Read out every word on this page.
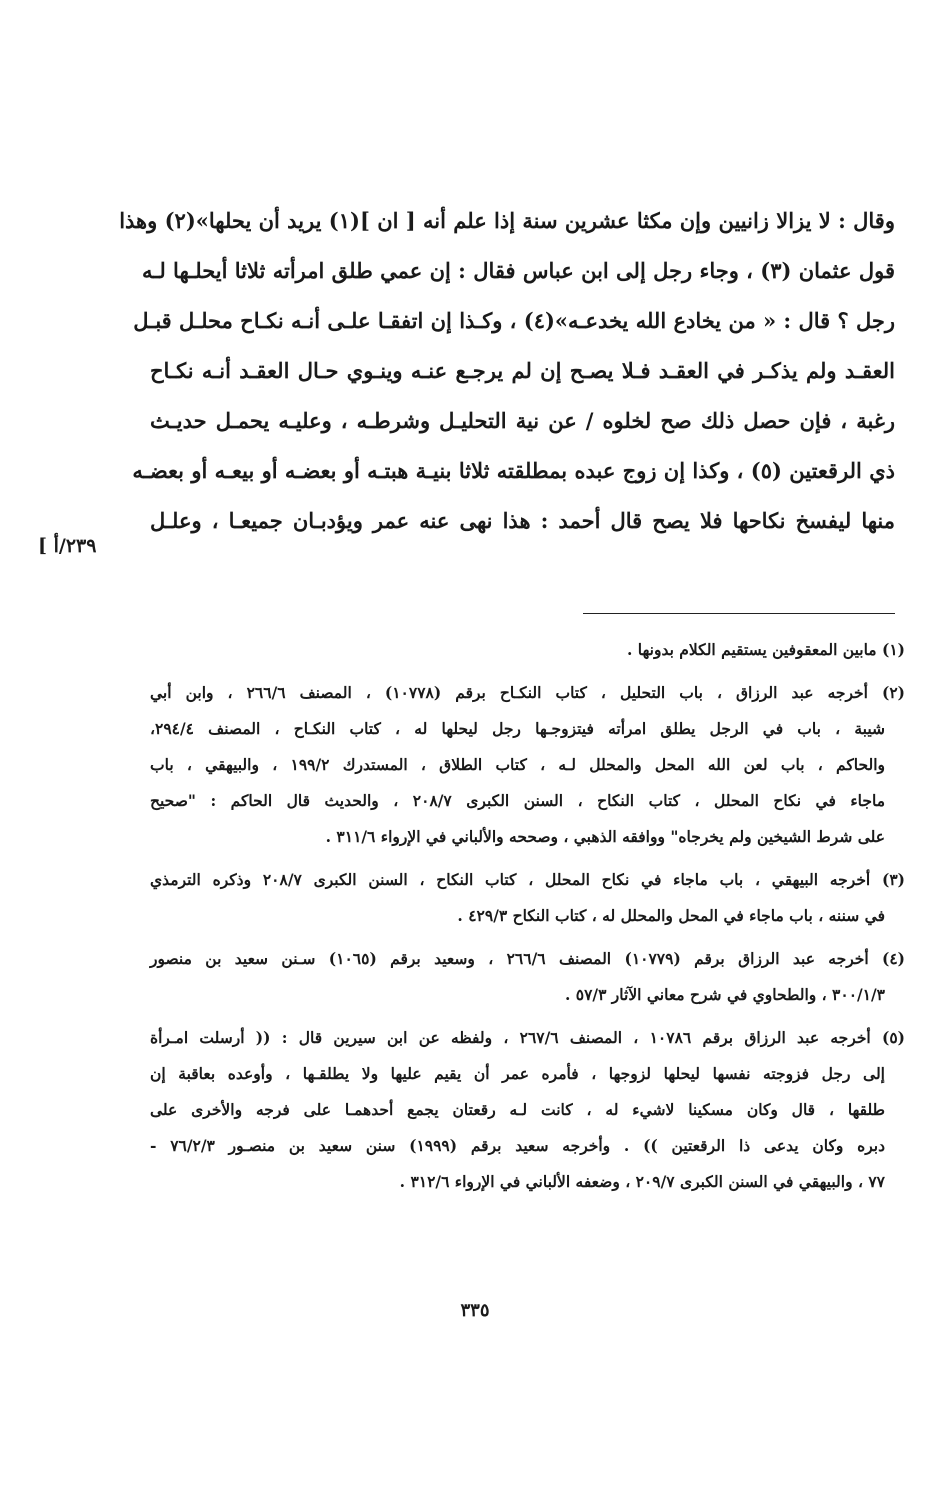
وقال : لا يزالا زانيين وإن مكثا عشرين سنة إذا علم أنه [ ان ](١) يريد أن يحلها»(٢) وهذا
قول عثمان (٣) ، وجاء رجل إلى ابن عباس فقال : إن عمي طلق امرأته ثلاثا أيحلـها لـه
رجل ؟ قال : « من يخادع الله يخدعـه»(٤) ، وكـذا إن اتفقـا علـى أنـه نكـاح محلـل قبـل
العقـد ولم يذكـر في العقـد فـلا يصـح إن لم يرجـع عنـه وينـوي حـال العقـد أنـه نكـاح
رغبة ، فإن حصل ذلك صح لخلوه / عن نية التحليـل وشرطـه ، وعليـه يحمـل حديـث
ذي الرقعتين (٥) ، وكذا إن زوج عبده بمطلقته ثلاثا بنيـة هبتـه أو بعضـه أو بيعـه أو بعضـه
منها ليفسخ نكاحها فلا يصح قال أحمد : هذا نهى عنه عمر ويؤدبـان جميعـا ، وعلـل
[ ٢٣٩/أ
(١) مابين المعقوفين يستقيم الكلام بدونها .
(٢) أخرجه عبد الرزاق ، باب التحليل ، كتاب النكـاح برقم (١٠٧٧٨) ، المصنف ٢٦٦/٦ ، وابن أبي
شيبة ، باب في الرجل يطلق امرأته فيتزوجـها رجل ليحلها له ، كتاب النكـاح ، المصنف ٢٩٤/٤،
والحاكم ، باب لعن الله المحل والمحلل لـه ، كتاب الطلاق ، المستدرك ١٩٩/٢ ، والبيهقي ، باب
ماجاء في نكاح المحلل ، كتاب النكاح ، السنن الكبرى ٢٠٨/٧ ، والحديث قال الحاكم : "صحيح
على شرط الشيخين ولم يخرجاه" ووافقه الذهبي ، وصححه والألباني في الإرواء ٣١١/٦ .
(٣) أخرجه البيهقي ، باب ماجاء في نكاح المحلل ، كتاب النكاح ، السنن الكبرى ٢٠٨/٧ وذكره الترمذي
في سننه ، باب ماجاء في المحل والمحلل له ، كتاب النكاح ٤٢٩/٣ .
(٤) أخرجه عبد الرزاق برقم (١٠٧٧٩) المصنف ٢٦٦/٦ ، وسعيد برقم (١٠٦٥) سـنن سعيد بن منصور
٣٠٠/١/٣ ، والطحاوي في شرح معاني الآثار ٥٧/٣ .
(٥) أخرجه عبد الرزاق برقم ١٠٧٨٦ ، المصنف ٢٦٧/٦ ، ولفظه عن ابن سيرين قال : (( أرسلت امـرأة
إلى رجل فزوجته نفسها ليحلها لزوجها ، فأمره عمر أن يقيم عليها ولا يطلقـها ، وأوعده بعاقبة إن
طلقها ، قال وكان مسكينا لاشيء له ، كانت لـه رقعتان يجمع أحدهمـا على فرجه والأخرى على
دبره وكان يدعى ذا الرقعتين )) . وأخرجه سعيد برقم (١٩٩٩) سنن سعيد بن منصـور ٧٦/٢/٣ -
٧٧ ، والبيهقي في السنن الكبرى ٢٠٩/٧ ، وضعفه الألباني في الإرواء ٣١٢/٦ .
٣٣٥
